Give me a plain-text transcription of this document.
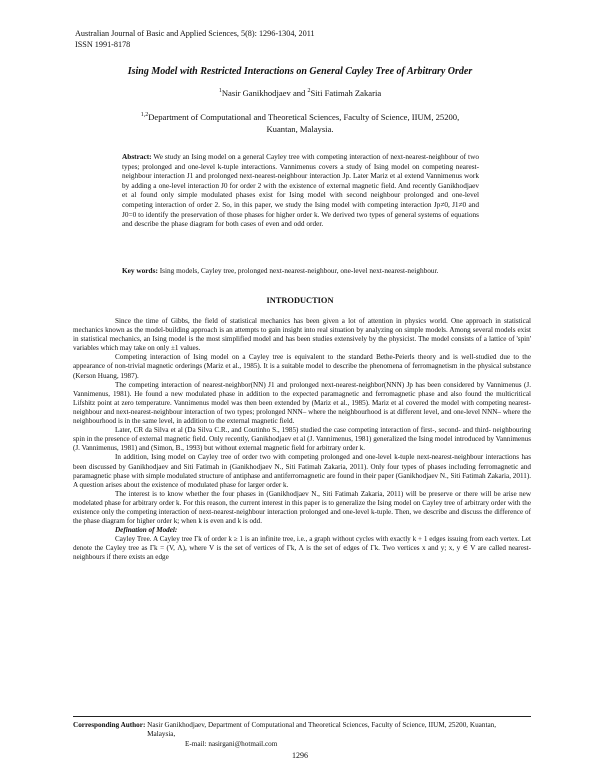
Australian Journal of Basic and Applied Sciences, 5(8): 1296-1304, 2011
ISSN 1991-8178
Ising Model with Restricted Interactions on General Cayley Tree of Arbitrary Order
$^1$Nasir Ganikhodjaev and $^2$Siti Fatimah Zakaria
$^{1,2}$Department of Computational and Theoretical Sciences, Faculty of Science, IIUM, 25200,
Kuantan, Malaysia.
Abstract: We study an Ising model on a general Cayley tree with competing interaction of next-nearest-neighbour of two types; prolonged and one-level k-tuple interactions. Vannimenus covers a study of Ising model on competing nearest-neighbour interaction J1 and prolonged next-nearest-neighbour interaction Jp. Later Mariz et al extend Vannimenus work by adding a one-level interaction J0 for order 2 with the existence of external magnetic field. And recently Ganikhodjaev et al found only simple modulated phases exist for Ising model with second neighbour prolonged and one-level competing interaction of order 2. So, in this paper, we study the Ising model with competing interaction Jp≠0, J1≠0 and J0=0 to identify the preservation of those phases for higher order k. We derived two types of general systems of equations and describe the phase diagram for both cases of even and odd order.
Key words: Ising models, Cayley tree, prolonged next-nearest-neighbour, one-level next-nearest-neighbour.
INTRODUCTION

Since the time of Gibbs, the field of statistical mechanics has been given a lot of attention in physics world. One approach in statistical mechanics known as the model-building approach is an attempts to gain insight into real situation by analyzing on simple models. Among several models exist in statistical mechanics, an Ising model is the most simplified model and has been studies extensively by the physicist. The model consists of a lattice of 'spin' variables which may take on only ±1 values.

Competing interaction of Ising model on a Cayley tree is equivalent to the standard Bethe-Peierls theory and is well-studied due to the appearance of non-trivial magnetic orderings (Mariz et al., 1985). It is a suitable model to describe the phenomena of ferromagnetism in the physical substance (Kerson Huang, 1987).

The competing interaction of nearest-neighbor(NN) J1 and prolonged next-nearest-neighbor(NNN) Jp has been considered by Vannimenus (J. Vannimenus, 1981). He found a new modulated phase in addition to the expected paramagnetic and ferromagnetic phase and also found the multicritical Lifshitz point at zero temperature. Vannimenus model was then been extended by (Mariz et al., 1985). Mariz et al covered the model with competing nearest-neighbour and next-nearest-neighbour interaction of two types; prolonged NNN– where the neighbourhood is at different level, and one-level NNN– where the neighbourhood is in the same level, in addition to the external magnetic field.

Later, CR da Silva et al (Da Silva C.R., and Coutinho S., 1985) studied the case competing interaction of first-, second- and third- neighbouring spin in the presence of external magnetic field. Only recently, Ganikhodjaev et al (J. Vannimenus, 1981) generalized the Ising model introduced by Vannimenus (J. Vannimenus, 1981) and (Simon, B., 1993) but without external magnetic field for arbitrary order k.

In addition, Ising model on Cayley tree of order two with competing prolonged and one-level k-tuple next-nearest-neighbour interactions has been discussed by Ganikhodjaev and Siti Fatimah in (Ganikhodjaev N., Siti Fatimah Zakaria, 2011). Only four types of phases including ferromagnetic and paramagnetic phase with simple modulated structure of antiphase and antiferromagnetic are found in their paper (Ganikhodjaev N., Siti Fatimah Zakaria, 2011). A question arises about the existence of modulated phase for larger order k.

The interest is to know whether the four phases in (Ganikhodjaev N., Siti Fatimah Zakaria, 2011) will be preserve or there will be arise new modelated phase for arbitrary order k. For this reason, the current interest in this paper is to generalize the Ising model on Cayley tree of arbitrary order with the existence only the competing interaction of next-nearest-neighbour interaction prolonged and one-level k-tuple. Then, we describe and discuss the difference of the phase diagram for higher order k; when k is even and k is odd.

Defination of Model:

Cayley Tree. A Cayley tree Γk of order k ≥ 1 is an infinite tree, i.e., a graph without cycles with exactly k + 1 edges issuing from each vertex. Let denote the Cayley tree as Γk = (V, Λ), where V is the set of vertices of Γk, Λ is the set of edges of Γk. Two vertices x and y; x, y ∈ V are called nearest- neighbours if there exists an edge

Corresponding Author: Nasir Ganikhodjaev, Department of Computational and Theoretical Sciences, Faculty of Science, IIUM, 25200, Kuantan, Malaysia,
E-mail: nasirgani@hotmail.com
1296
